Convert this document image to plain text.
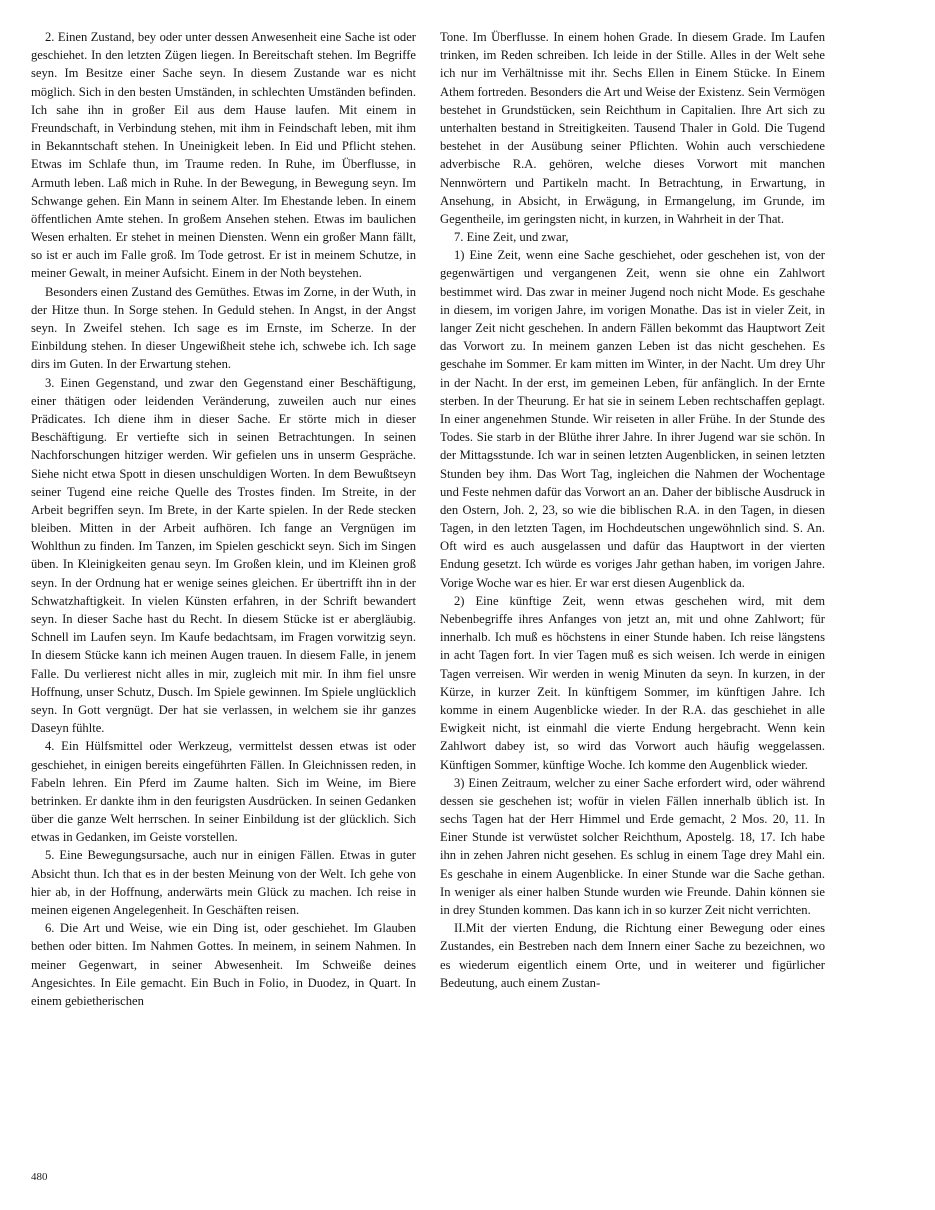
2. Einen Zustand, bey oder unter dessen Anwesenheit eine Sache ist oder geschiehet. In den letzten Zügen liegen. In Bereitschaft stehen. Im Begriffe seyn. Im Besitze einer Sache seyn. In diesem Zustande war es nicht möglich. Sich in den besten Umständen, in schlechten Umständen befinden. Ich sahe ihn in großer Eil aus dem Hause laufen. Mit einem in Freundschaft, in Verbindung stehen, mit ihm in Feindschaft leben, mit ihm in Bekanntschaft stehen. In Uneinigkeit leben. In Eid und Pflicht stehen. Etwas im Schlafe thun, im Traume reden. In Ruhe, im Überflusse, in Armuth leben. Laß mich in Ruhe. In der Bewegung, in Bewegung seyn. Im Schwange gehen. Ein Mann in seinem Alter. Im Ehestande leben. In einem öffentlichen Amte stehen. In großem Ansehen stehen. Etwas im baulichen Wesen erhalten. Er stehet in meinen Diensten. Wenn ein großer Mann fällt, so ist er auch im Falle groß. Im Tode getrost. Er ist in meinem Schutze, in meiner Gewalt, in meiner Aufsicht. Einem in der Noth beystehen.

Besonders einen Zustand des Gemüthes. Etwas im Zorne, in der Wuth, in der Hitze thun. In Sorge stehen. In Geduld stehen. In Angst, in der Angst seyn. In Zweifel stehen. Ich sage es im Ernste, im Scherze. In der Einbildung stehen. In dieser Ungewißheit stehe ich, schwebe ich. Ich sage dirs im Guten. In der Erwartung stehen.

3. Einen Gegenstand, und zwar den Gegenstand einer Beschäftigung, einer thätigen oder leidenden Veränderung, zuweilen auch nur eines Prädicates. Ich diene ihm in dieser Sache. Er störte mich in dieser Beschäftigung. Er vertiefte sich in seinen Betrachtungen. In seinen Nachforschungen hitziger werden. Wir gefielen uns in unserm Gespräche. Siehe nicht etwa Spott in diesen unschuldigen Worten. In dem Bewußtseyn seiner Tugend eine reiche Quelle des Trostes finden. Im Streite, in der Arbeit begriffen seyn. Im Brete, in der Karte spielen. In der Rede stecken bleiben. Mitten in der Arbeit aufhören. Ich fange an Vergnügen im Wohlthun zu finden. Im Tanzen, im Spielen geschickt seyn. Sich im Singen üben. In Kleinigkeiten genau seyn. Im Großen klein, und im Kleinen groß seyn. In der Ordnung hat er wenige seines gleichen. Er übertrifft ihn in der Schwatzhaftigkeit. In vielen Künsten erfahren, in der Schrift bewandert seyn. In dieser Sache hast du Recht. In diesem Stücke ist er abergläubig. Schnell im Laufen seyn. Im Kaufe bedachtsam, im Fragen vorwitzig seyn. In diesem Stücke kann ich meinen Augen trauen. In diesem Falle, in jenem Falle. Du verlierest nicht alles in mir, zugleich mit mir. In ihm fiel unsre Hoffnung, unser Schutz, Dusch. Im Spiele gewinnen. Im Spiele unglücklich seyn. In Gott vergnügt. Der hat sie verlassen, in welchem sie ihr ganzes Daseyn fühlte.

4. Ein Hülfsmittel oder Werkzeug, vermittelst dessen etwas ist oder geschiehet, in einigen bereits eingeführten Fällen. In Gleichnissen reden, in Fabeln lehren. Ein Pferd im Zaume halten. Sich im Weine, im Biere betrinken. Er dankte ihm in den feurigsten Ausdrücken. In seinen Gedanken über die ganze Welt herrschen. In seiner Einbildung ist der glücklich. Sich etwas in Gedanken, im Geiste vorstellen.

5. Eine Bewegungsursache, auch nur in einigen Fällen. Etwas in guter Absicht thun. Ich that es in der besten Meinung von der Welt. Ich gehe von hier ab, in der Hoffnung, anderwärts mein Glück zu machen. Ich reise in meinen eigenen Angelegenheit. In Geschäften reisen.

6. Die Art und Weise, wie ein Ding ist, oder geschiehet. Im Glauben bethen oder bitten. Im Nahmen Gottes. In meinem, in seinem Nahmen. In meiner Gegenwart, in seiner Abwesenheit. Im Schweiße deines Angesichtes. In Eile gemacht. Ein Buch in Folio, in Duodez, in Quart. In einem gebietherischen

Tone. Im Überflusse. In einem hohen Grade. In diesem Grade. Im Laufen trinken, im Reden schreiben. Ich leide in der Stille. Alles in der Welt sehe ich nur im Verhältnisse mit ihr. Sechs Ellen in Einem Stücke. In Einem Athem fortreden. Besonders die Art und Weise der Existenz. Sein Vermögen bestehet in Grundstücken, sein Reichthum in Capitalien. Ihre Art sich zu unterhalten bestand in Streitigkeiten. Tausend Thaler in Gold. Die Tugend bestehet in der Ausübung seiner Pflichten. Wohin auch verschiedene adverbische R.A. gehören, welche dieses Vorwort mit manchen Nennwörtern und Partikeln macht. In Betrachtung, in Erwartung, in Ansehung, in Absicht, in Erwägung, in Ermangelung, im Grunde, im Gegentheile, im geringsten nicht, in kurzen, in Wahrheit in der That.

7. Eine Zeit, und zwar,

1) Eine Zeit, wenn eine Sache geschiehet, oder geschehen ist, von der gegenwärtigen und vergangenen Zeit, wenn sie ohne ein Zahlwort bestimmet wird. Das zwar in meiner Jugend noch nicht Mode. Es geschahe in diesem, im vorigen Jahre, im vorigen Monathe. Das ist in vieler Zeit, in langer Zeit nicht geschehen. In andern Fällen bekommt das Hauptwort Zeit das Vorwort zu. In meinem ganzen Leben ist das nicht geschehen. Es geschahe im Sommer. Er kam mitten im Winter, in der Nacht. Um drey Uhr in der Nacht. In der erst, im gemeinen Leben, für anfänglich. In der Ernte sterben. In der Theurung. Er hat sie in seinem Leben rechtschaffen geplagt. In einer angenehmen Stunde. Wir reiseten in aller Frühe. In der Stunde des Todes. Sie starb in der Blüthe ihrer Jahre. In ihrer Jugend war sie schön. In der Mittagsstunde. Ich war in seinen letzten Augenblicken, in seinen letzten Stunden bey ihm. Das Wort Tag, ingleichen die Nahmen der Wochentage und Feste nehmen dafür das Vorwort an an. Daher der biblische Ausdruck in den Ostern, Joh. 2, 23, so wie die biblischen R.A. in den Tagen, in diesen Tagen, in den letzten Tagen, im Hochdeutschen ungewöhnlich sind. S. An. Oft wird es auch ausgelassen und dafür das Hauptwort in der vierten Endung gesetzt. Ich würde es voriges Jahr gethan haben, im vorigen Jahre. Vorige Woche war es hier. Er war erst diesen Augenblick da.

2) Eine künftige Zeit, wenn etwas geschehen wird, mit dem Nebenbegriffe ihres Anfanges von jetzt an, mit und ohne Zahlwort; für innerhalb. Ich muß es höchstens in einer Stunde haben. Ich reise längstens in acht Tagen fort. In vier Tagen muß es sich weisen. Ich werde in einigen Tagen verreisen. Wir werden in wenig Minuten da seyn. In kurzen, in der Kürze, in kurzer Zeit. In künftigem Sommer, im künftigen Jahre. Ich komme in einem Augenblicke wieder. In der R.A. das geschiehet in alle Ewigkeit nicht, ist einmahl die vierte Endung hergebracht. Wenn kein Zahlwort dabey ist, so wird das Vorwort auch häufig weggelassen. Künftigen Sommer, künftige Woche. Ich komme den Augenblick wieder.

3) Einen Zeitraum, welcher zu einer Sache erfordert wird, oder während dessen sie geschehen ist; wofür in vielen Fällen innerhalb üblich ist. In sechs Tagen hat der Herr Himmel und Erde gemacht, 2 Mos. 20, 11. In Einer Stunde ist verwüstet solcher Reichthum, Apostelg. 18, 17. Ich habe ihn in zehen Jahren nicht gesehen. Es schlug in einem Tage drey Mahl ein. Es geschahe in einem Augenblicke. In einer Stunde war die Sache gethan. In weniger als einer halben Stunde wurden wie Freunde. Dahin können sie in drey Stunden kommen. Das kann ich in so kurzer Zeit nicht verrichten.

II.Mit der vierten Endung, die Richtung einer Bewegung oder eines Zustandes, ein Bestreben nach dem Innern einer Sache zu bezeichnen, wo es wiederum eigentlich einem Orte, und in weiterer und figürlicher Bedeutung, auch einem Zustan-

480
